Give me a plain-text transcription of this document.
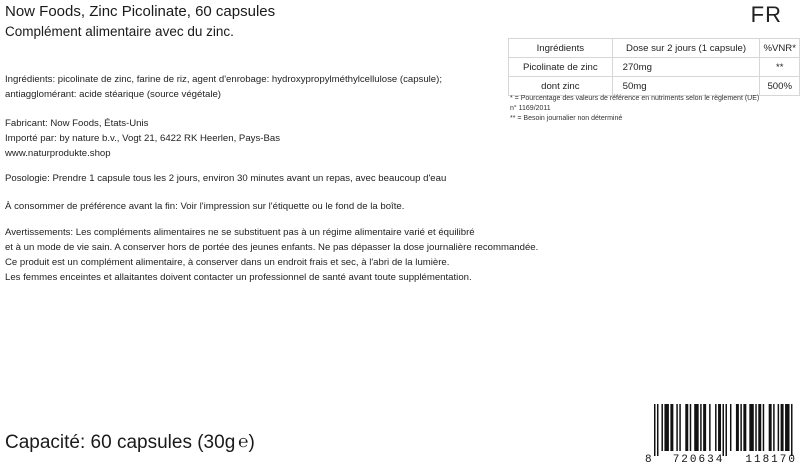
Now Foods, Zinc Picolinate, 60 capsules
Complément alimentaire avec du zinc.
FR
Ingrédients: picolinate de zinc, farine de riz, agent d'enrobage: hydroxypropylméthylcellulose (capsule);
antiagglomérant: acide stéarique (source végétale)
Fabricant: Now Foods, États-Unis
Importé par: by nature b.v., Vogt 21, 6422 RK Heerlen, Pays-Bas
www.naturprodukte.shop
Posologie: Prendre 1 capsule tous les 2 jours, environ 30 minutes avant un repas, avec beaucoup d'eau
À consommer de préférence avant la fin: Voir l'impression sur l'étiquette ou le fond de la boîte.
Avertissements: Les compléments alimentaires ne se substituent pas à un régime alimentaire varié et équilibré
et à un mode de vie sain. A conserver hors de portée des jeunes enfants. Ne pas dépasser la dose journalière recommandée.
Ce produit est un complément alimentaire, à conserver dans un endroit frais et sec, à l'abri de la lumière.
Les femmes enceintes et allaitantes doivent contacter un professionnel de santé avant toute supplémentation.
Ingrédients	Dose sur 2 jours (1 capsule)	%VNR*
Picolinate de zinc	270mg	**
dont zinc	50mg	500%
* = Pourcentage des valeurs de référence en nutriments selon le règlement (UE)
n° 1169/2011
** = Besoin journalier non déterminé
Capacité: 60 capsules (30g ℮)
8 720634 118170
